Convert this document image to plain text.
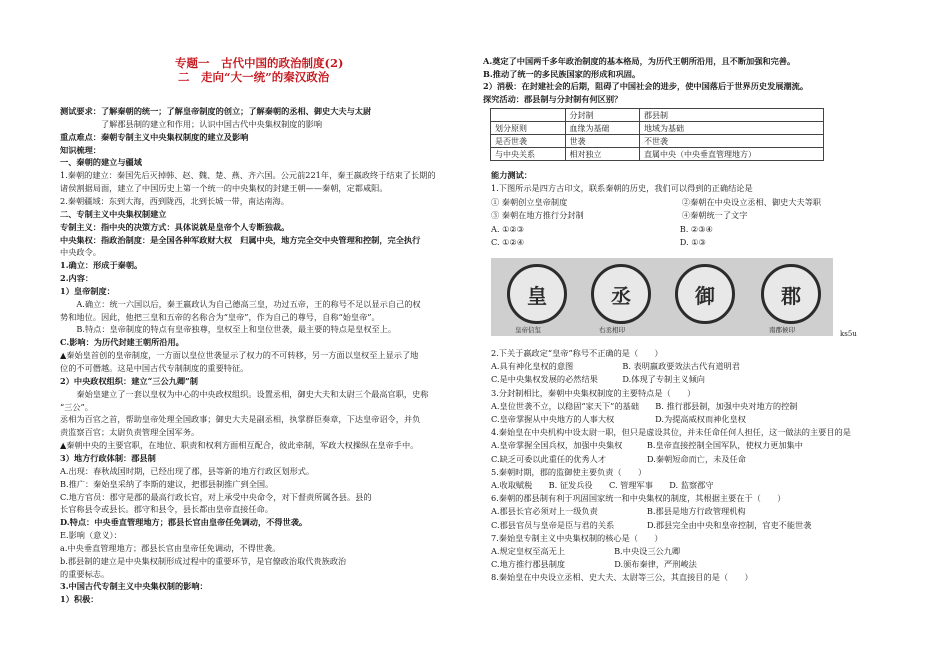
专题一　古代中国的政治制度(2)
二　走向“大一统”的秦汉政治
测试要求：了解秦朝的统一；了解皇帝制度的创立；了解秦朝的丞相、御史大夫与太尉
　　　　　了解郡县制的建立和作用；认识中国古代中央集权制度的影响
重点难点：秦朝专制主义中央集权制度的建立及影响
知识梳理：
一、秦朝的建立与疆域
1.秦朝的建立：秦国先后灭掉韩、赵、魏、楚、燕、齐六国。公元前221年，秦王嬴政终于结束了长期的
诸侯割据局面，建立了中国历史上第一个统一的中央集权的封建王朝——秦朝，定都咸阳。
2.秦朝疆域：东到大海，西到陇西，北到长城一带，南达南海。
二、专制主义中央集权制建立
专制主义：指中央的决策方式：具体说就是皇帝个人专断独裁。
中央集权：指政治制度：是全国各种军政财大权　归属中央，地方完全交中央管理和控制，完全执行
中央政令。
1.确立：形成于秦朝。
2.内容：
1）皇帝制度：
　　A.确立：统一六国以后，秦王嬴政认为自己德高三皇，功过五帝，王的称号不足以显示自己的权
势和地位。因此，他把三皇和五帝的名称合为“皇帝”，作为自己的尊号，自称“始皇帝”。
　　B.特点：皇帝制度的特点有皇帝独尊，皇权至上和皇位世袭，最主要的特点是皇权至上。
C.影响：为历代封建王朝所沿用。
▲秦始皇首创的皇帝制度，一方面以皇位世袭显示了权力的不可转移，另一方面以皇权至上显示了地
位的不可僭越。这是中国古代专制制度的重要特征。
2）中央政权组织：建立“三公九卿”制
　　秦始皇建立了一套以皇权为中心的中央政权组织。设置丞相，御史大夫和太尉三个最高官职，史称
“三公”。
丞相为百官之首，帮助皇帝处理全国政事；御史大夫是副丞相，执掌群臣奏章，下达皇帝诏令，并负
责监察百官；太尉负责管理全国军务。
▲秦朝中央的主要官职，在地位、职责和权利方面相互配合，彼此牵制，军政大权操纵在皇帝手中。
3）地方行政体制：郡县制
A.出现：春秋战国时期，已经出现了郡，县等新的地方行政区划形式。
B.推广：秦始皇采纳了李斯的建议，把郡县制推广到全国。
C.地方官员：郡守是郡的最高行政长官，对上承受中央命令，对下督责所属各县。县的
长官称县令或县长。郡守和县令，县长都由皇帝直接任命。
D.特点：中央垂直管理地方；郡县长官由皇帝任免调动，不得世袭。
E.影响（意义）：
a.中央垂直管理地方；郡县长官由皇帝任免调动，不得世袭。
b.郡县制的建立是中央集权制形成过程中的重要环节，是官僚政治取代贵族政治
的重要标志。
3.中国古代专制主义中央集权制的影响：
1）积极：
A.奠定了中国两千多年政治制度的基本格局，为历代王朝所沿用，且不断加强和完善。
B.推动了统一的多民族国家的形成和巩固。
2）消极：在封建社会的后期，阻碍了中国社会的进步，使中国落后于世界历史发展潮流。
探究活动：郡县制与分封制有何区别？
	分封制	郡县制
划分原则	血缘为基础	地域为基础
是否世袭	世袭	不世袭
与中央关系	相对独立	直属中央（中央垂直管理地方）
能力测试：
1.下图所示是四方古印文，联系秦朝的历史，我们可以得到的正确结论是
① 秦朝创立皇帝制度　　　　　　　　　　　　　　②秦朝在中央设立丞相、御史大夫等职
③ 秦朝在地方推行分封制　　　　　　　　　　　　④秦朝统一了文字
A. ①②③　　　　　　　　　　　　　　　　　　　B. ②③④
C. ①②④　　　　　　　　　　　　　　　　　　　D. ①③
皇	丞	御	郡
皇帝信玺	右丞相印	南郡候印	ks5u
2.下关于嬴政定“皇帝”称号不正确的是（　　）
A.具有神化皇权的意图　　　　　　B. 表明嬴政要效法古代有道明君
C.是中央集权发展的必然结果　　　D.体现了专制主义倾向
3.分封制相比，秦朝中央集权制度的主要特点是（　　）
A.皇位世袭不立，以稳固“家天下”的基础　　B. 推行郡县制，加强中央对地方的控制
C.皇帝掌握从中央地方的人事大权　　　　　D.为提高威权而神化皇权
4.秦始皇在中央机构中设太尉一职，但只是虚设其位，并未任命任何人担任，这一做法的主要目的是
A.皇帝掌握全国兵权，加强中央集权　　　B.皇帝直接控制全国军队，使权力更加集中
C.缺乏可委以此重任的优秀人才　　　　　D.秦朝短命而亡，未及任命
5.秦朝时期，郡的监御使主要负责（　　）
A.收取赋税　　B. 征发兵役　　C. 管理军事　　D. 监察郡守
6.秦朝的郡县制有利于巩固国家统一和中央集权的制度，其根据主要在于（　　）
A.郡县长官必须对上一级负责　　　　　　B.郡县是地方行政管理机构
C.郡县官员与皇帝是臣与君的关系　　　　D.郡县完全由中央和皇帝控制，官吏不能世袭
7.秦始皇专制主义中央集权制的核心是（　　）
A.规定皇权至高无上　　　　　　B.中央设三公九卿
C.地方推行郡县制度　　　　　　D.颁布秦律，严刑峻法
8.秦始皇在中央设立丞相、史大夫、太尉等三公，其直接目的是（　　）
